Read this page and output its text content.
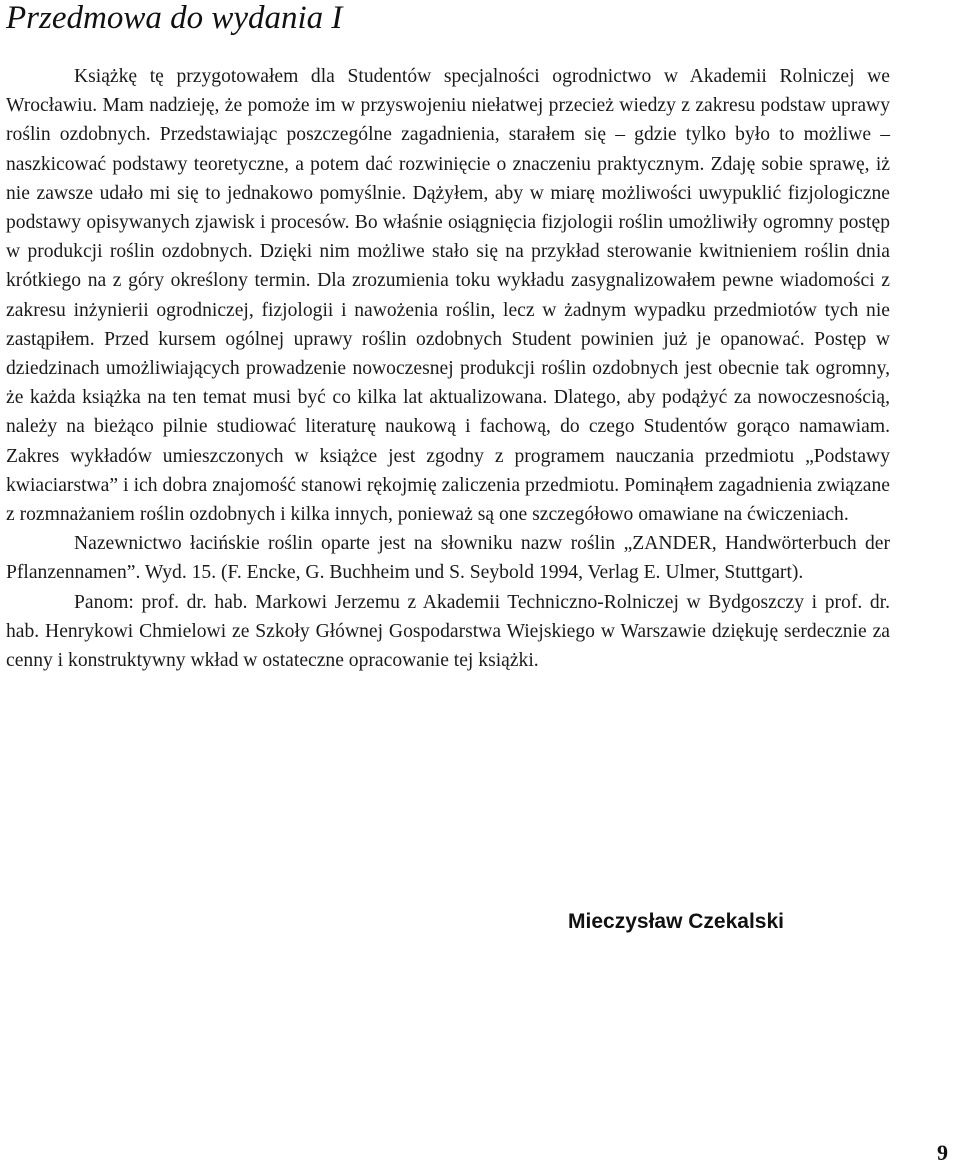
Przedmowa do wydania I

Książkę tę przygotowałem dla Studentów specjalności ogrodnictwo w Akademii Rolniczej we Wrocławiu. Mam nadzieję, że pomoże im w przyswojeniu niełatwej przecież wiedzy z zakresu podstaw uprawy roślin ozdobnych. Przedstawiając poszczególne zagadnienia, starałem się – gdzie tylko było to możliwe – naszkicować podstawy teoretyczne, a potem dać rozwinięcie o znaczeniu praktycznym. Zdaję sobie sprawę, iż nie zawsze udało mi się to jednakowo pomyślnie. Dążyłem, aby w miarę możliwości uwypuklić fizjologiczne podstawy opisywanych zjawisk i procesów. Bo właśnie osiągnięcia fizjologii roślin umożliwiły ogromny postęp w produkcji roślin ozdobnych. Dzięki nim możliwe stało się na przykład sterowanie kwitnieniem roślin dnia krótkiego na z góry określony termin. Dla zrozumienia toku wykładu zasygnalizowałem pewne wiadomości z zakresu inżynierii ogrodniczej, fizjologii i nawożenia roślin, lecz w żadnym wypadku przedmiotów tych nie zastąpiłem. Przed kursem ogólnej uprawy roślin ozdobnych Student powinien już je opanować. Postęp w dziedzinach umożliwiających prowadzenie nowoczesnej produkcji roślin ozdobnych jest obecnie tak ogromny, że każda książka na ten temat musi być co kilka lat aktualizowana. Dlatego, aby podążyć za nowoczesnością, należy na bieżąco pilnie studiować literaturę naukową i fachową, do czego Studentów gorąco namawiam. Zakres wykładów umieszczonych w książce jest zgodny z programem nauczania przedmiotu „Podstawy kwiaciarstwa” i ich dobra znajomość stanowi rękojmię zaliczenia przedmiotu. Pominąłem zagadnienia związane z rozmnażaniem roślin ozdobnych i kilka innych, ponieważ są one szczegółowo omawiane na ćwiczeniach.

Nazewnictwo łacińskie roślin oparte jest na słowniku nazw roślin „ZANDER, Handwörterbuch der Pflanzennamen”. Wyd. 15. (F. Encke, G. Buchheim und S. Seybold 1994, Verlag E. Ulmer, Stuttgart).

Panom: prof. dr. hab. Markowi Jerzemu z Akademii Techniczno-Rolniczej w Bydgoszczy i prof. dr. hab. Henrykowi Chmielowi ze Szkoły Głównej Gospodarstwa Wiejskiego w Warszawie dziękuję serdecznie za cenny i konstruktywny wkład w ostateczne opracowanie tej książki.

Mieczysław Czekalski
9
